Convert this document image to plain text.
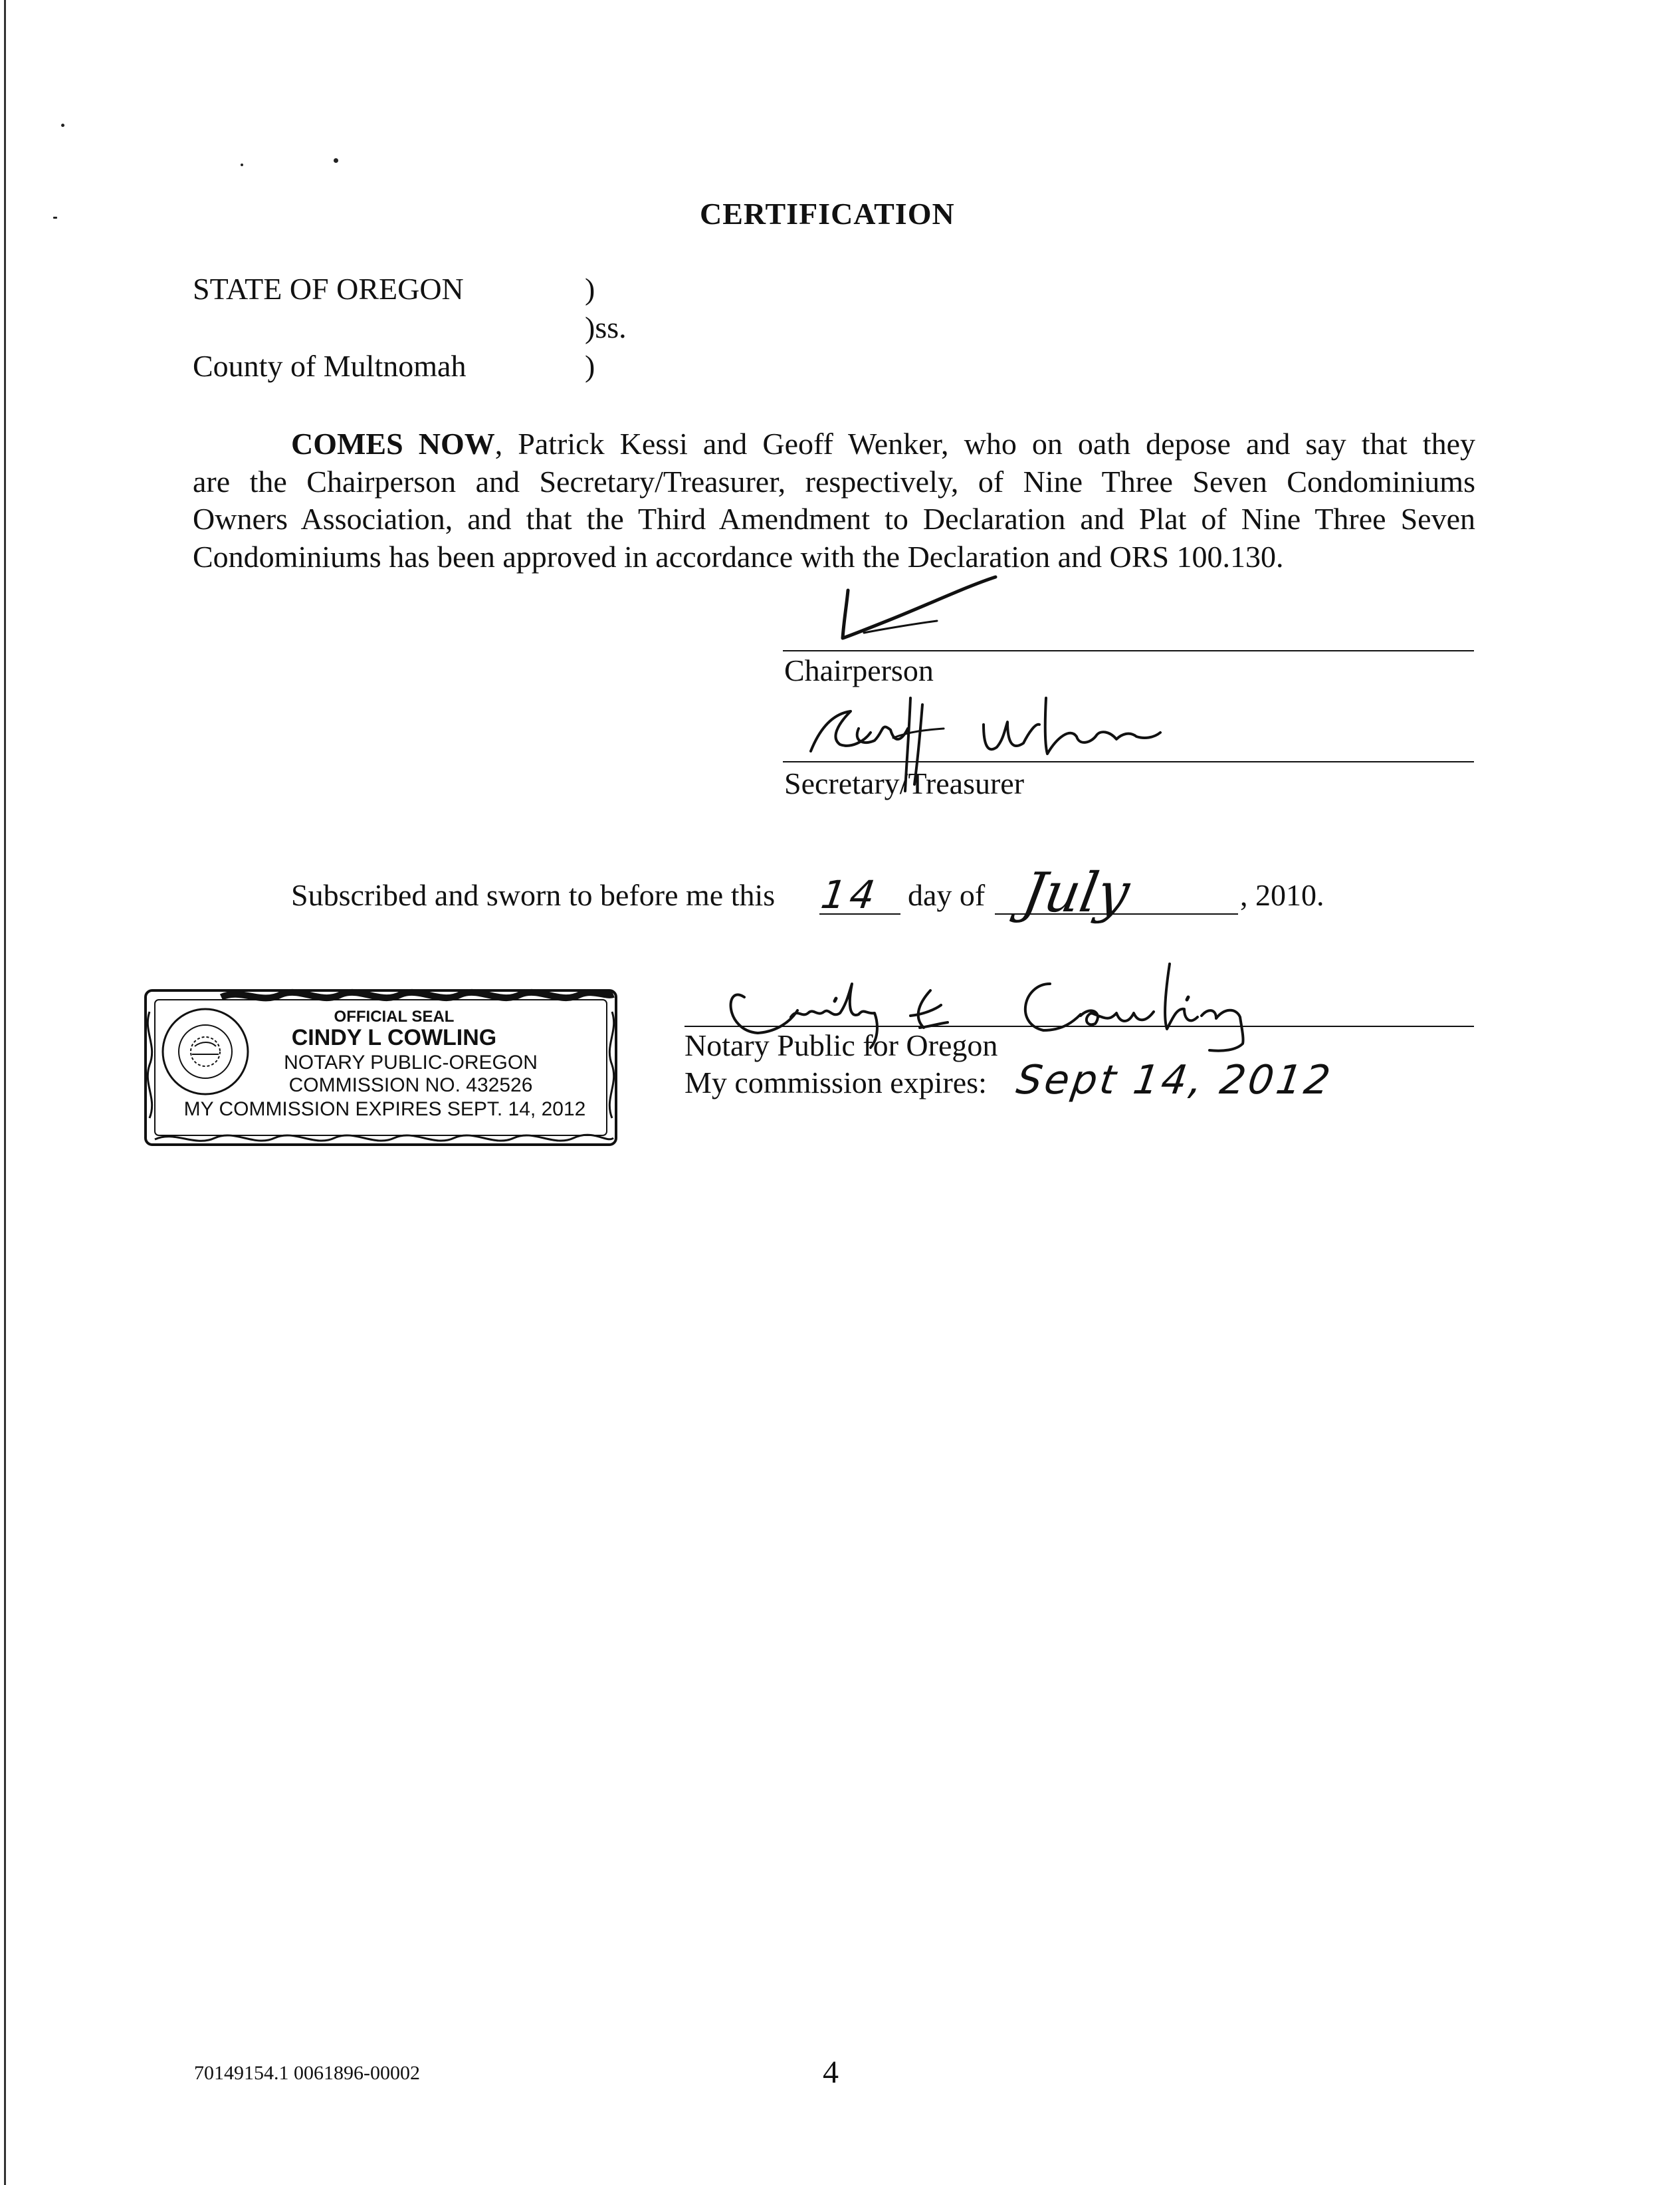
CERTIFICATION
STATE OF OREGON	)
)ss.
County of Multnomah	)
COMES NOW, Patrick Kessi and Geoff Wenker, who on oath depose and say that they
are the Chairperson and Secretary/Treasurer, respectively, of Nine Three Seven Condominiums
Owners Association, and that the Third Amendment to Declaration and Plat of Nine Three Seven
Condominiums has been approved in accordance with the Declaration and ORS 100.130.
Chairperson
Secretary/Treasurer
Subscribed and sworn to before me this 14 day of July	, 2010.
Notary Public for Oregon
My commission expires: Sept 14, 2012
OFFICIAL SEAL
CINDY L COWLING
NOTARY PUBLIC-OREGON
COMMISSION NO. 432526
MY COMMISSION EXPIRES SEPT. 14, 2012
70149154.1 0061896-00002	4
